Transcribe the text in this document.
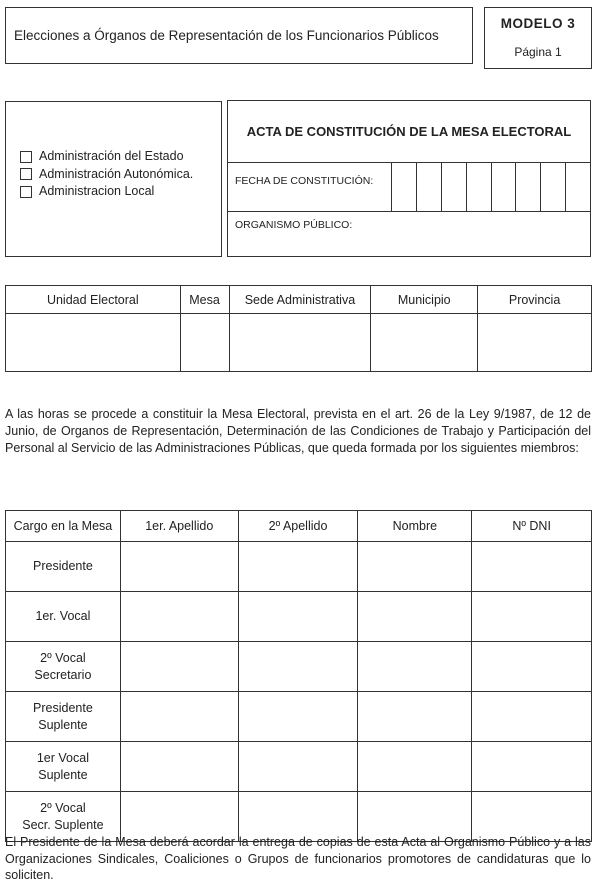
Elecciones a Órganos de Representación de los Funcionarios Públicos
MODELO 3
Página 1
Administración del Estado
Administración Autonómica.
Administracion Local
ACTA DE CONSTITUCIÓN DE LA MESA ELECTORAL
FECHA DE CONSTITUCIÓN:
ORGANISMO PÚBLICO:
Unidad Electoral	Mesa	Sede Administrativa	Municipio	Provincia

A las horas se procede a constituir la Mesa Electoral, prevista en el art. 26 de la Ley 9/1987, de 12 de Junio, de Organos de Representación, Determinación de las Condiciones de Trabajo y Participación del Personal al Servicio de las Administraciones Públicas, que queda formada por los siguientes miembros:
Cargo en la Mesa	1er. Apellido	2º Apellido	Nombre	Nº DNI

Presidente				

1er. Vocal				

2º Vocal
Secretario				

Presidente
Suplente				

1er Vocal
Suplente				

2º Vocal
Secr. Suplente				

El Presidente de la Mesa deberá acordar la entrega de copias de esta Acta al Organismo Público y a las Organizaciones Sindicales, Coaliciones o Grupos de funcionarios promotores de candidaturas que lo soliciten.
